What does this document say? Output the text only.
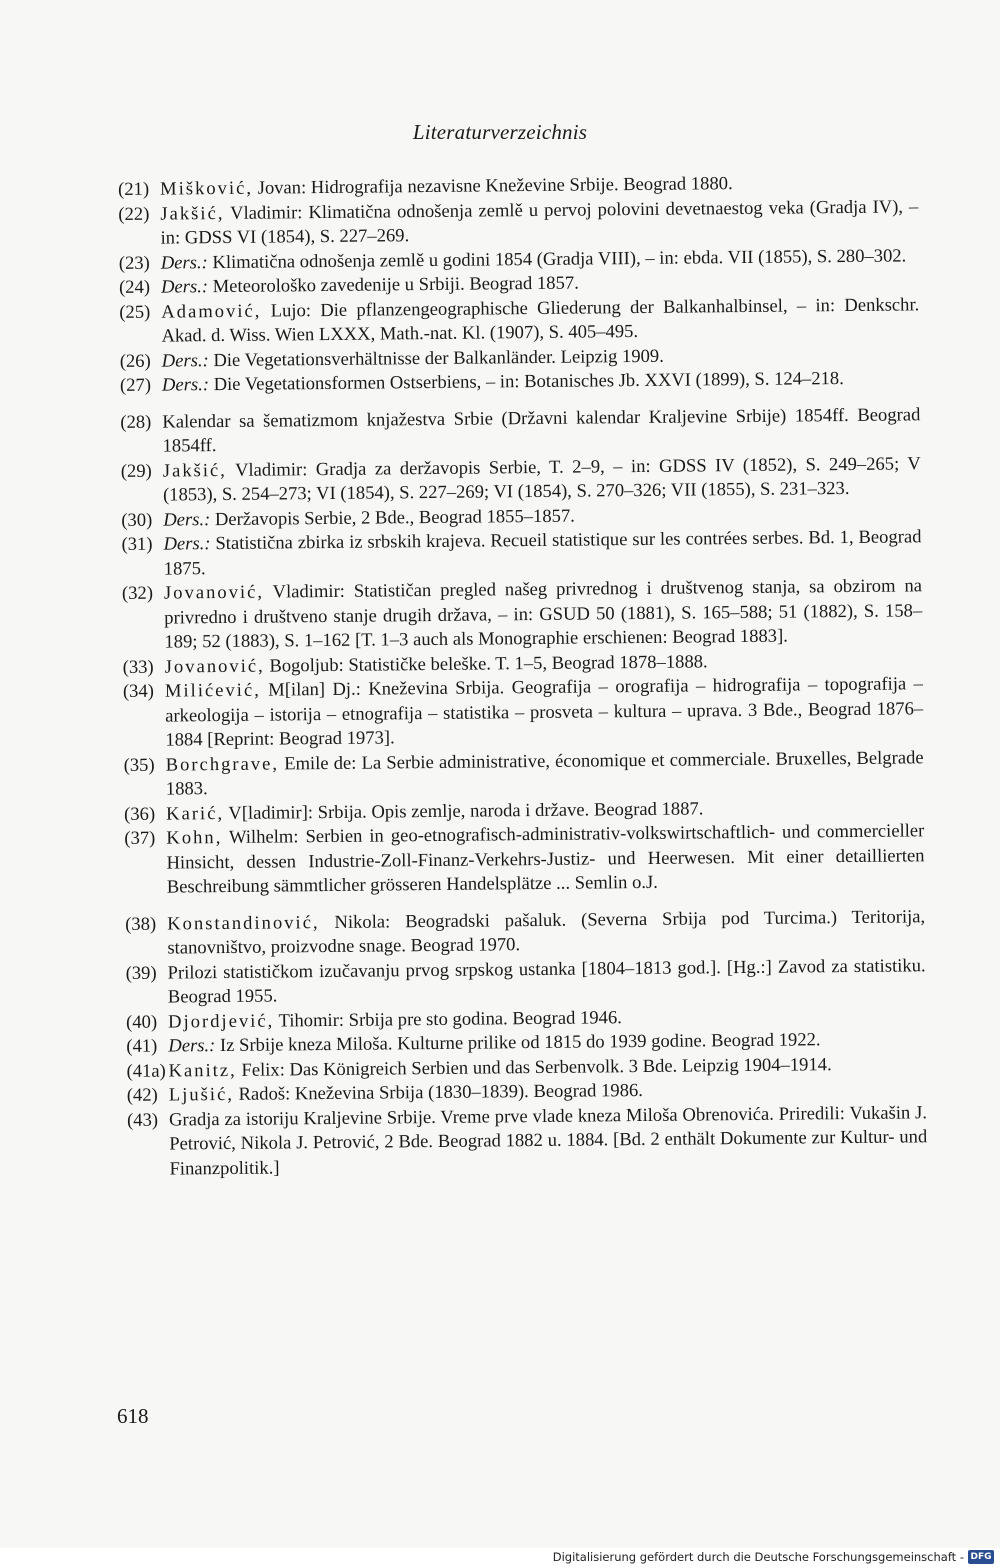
Literaturverzeichnis
(21) Mišković, Jovan: Hidrografija nezavisne Kneževine Srbije. Beograd 1880.
(22) Jakšić, Vladimir: Klimatična odnošenja zemlě u pervoj polovini devetnaestog veka (Gradja IV), – in: GDSS VI (1854), S. 227–269.
(23) Ders.: Klimatična odnošenja zemlě u godini 1854 (Gradja VIII), – in: ebda. VII (1855), S. 280–302.
(24) Ders.: Meteorološko zavedenije u Srbiji. Beograd 1857.
(25) Adamović, Lujo: Die pflanzengeographische Gliederung der Balkanhalbinsel, – in: Denkschr. Akad. d. Wiss. Wien LXXX, Math.-nat. Kl. (1907), S. 405–495.
(26) Ders.: Die Vegetationsverhältnisse der Balkanländer. Leipzig 1909.
(27) Ders.: Die Vegetationsformen Ostserbiens, – in: Botanisches Jb. XXVI (1899), S. 124–218.
(28) Kalendar sa šematizmom knjažestva Srbie (Državni kalendar Kraljevine Srbije) 1854ff. Beograd 1854ff.
(29) Jakšić, Vladimir: Gradja za deržavopis Serbie, T. 2–9, – in: GDSS IV (1852), S. 249–265; V (1853), S. 254–273; VI (1854), S. 227–269; VI (1854), S. 270–326; VII (1855), S. 231–323.
(30) Ders.: Deržavopis Serbie, 2 Bde., Beograd 1855–1857.
(31) Ders.: Statistična zbirka iz srbskih krajeva. Recueil statistique sur les contrées serbes. Bd. 1, Beograd 1875.
(32) Jovanović, Vladimir: Statističan pregled našeg privrednog i društvenog stanja, sa obzirom na privredno i društveno stanje drugih država, – in: GSUD 50 (1881), S. 165–588; 51 (1882), S. 158–189; 52 (1883), S. 1–162 [T. 1–3 auch als Monographie erschienen: Beograd 1883].
(33) Jovanović, Bogoljub: Statističke beleške. T. 1–5, Beograd 1878–1888.
(34) Milićević, M[ilan] Dj.: Kneževina Srbija. Geografija – orografija – hidrografija – topografija – arkeologija – istorija – etnografija – statistika – prosveta – kultura – uprava. 3 Bde., Beograd 1876–1884 [Reprint: Beograd 1973].
(35) Borchgrave, Emile de: La Serbie administrative, économique et commerciale. Bruxelles, Belgrade 1883.
(36) Karić, V[ladimir]: Srbija. Opis zemlje, naroda i države. Beograd 1887.
(37) Kohn, Wilhelm: Serbien in geo-etnografisch-administrativ-volkswirtschaftlich- und commercieller Hinsicht, dessen Industrie-Zoll-Finanz-Verkehrs-Justiz- und Heerwesen. Mit einer detaillierten Beschreibung sämmtlicher grösseren Handelsplätze ... Semlin o.J.
(38) Konstandinović, Nikola: Beogradski pašaluk. (Severna Srbija pod Turcima.) Teritorija, stanovništvo, proizvodne snage. Beograd 1970.
(39) Prilozi statističkom izučavanju prvog srpskog ustanka [1804–1813 god.]. [Hg.:] Zavod za statistiku. Beograd 1955.
(40) Djordjević, Tihomir: Srbija pre sto godina. Beograd 1946.
(41) Ders.: Iz Srbije kneza Miloša. Kulturne prilike od 1815 do 1939 godine. Beograd 1922.
(41a) Kanitz, Felix: Das Königreich Serbien und das Serbenvolk. 3 Bde. Leipzig 1904–1914.
(42) Ljušić, Radoš: Kneževina Srbija (1830–1839). Beograd 1986.
(43) Gradja za istoriju Kraljevine Srbije. Vreme prve vlade kneza Miloša Obrenovića. Priredili: Vukašin J. Petrović, Nikola J. Petrović, 2 Bde. Beograd 1882 u. 1884. [Bd. 2 enthält Dokumente zur Kultur- und Finanzpolitik.]
618
Digitalisierung gefördert durch die Deutsche Forschungsgemeinschaft - DFG
